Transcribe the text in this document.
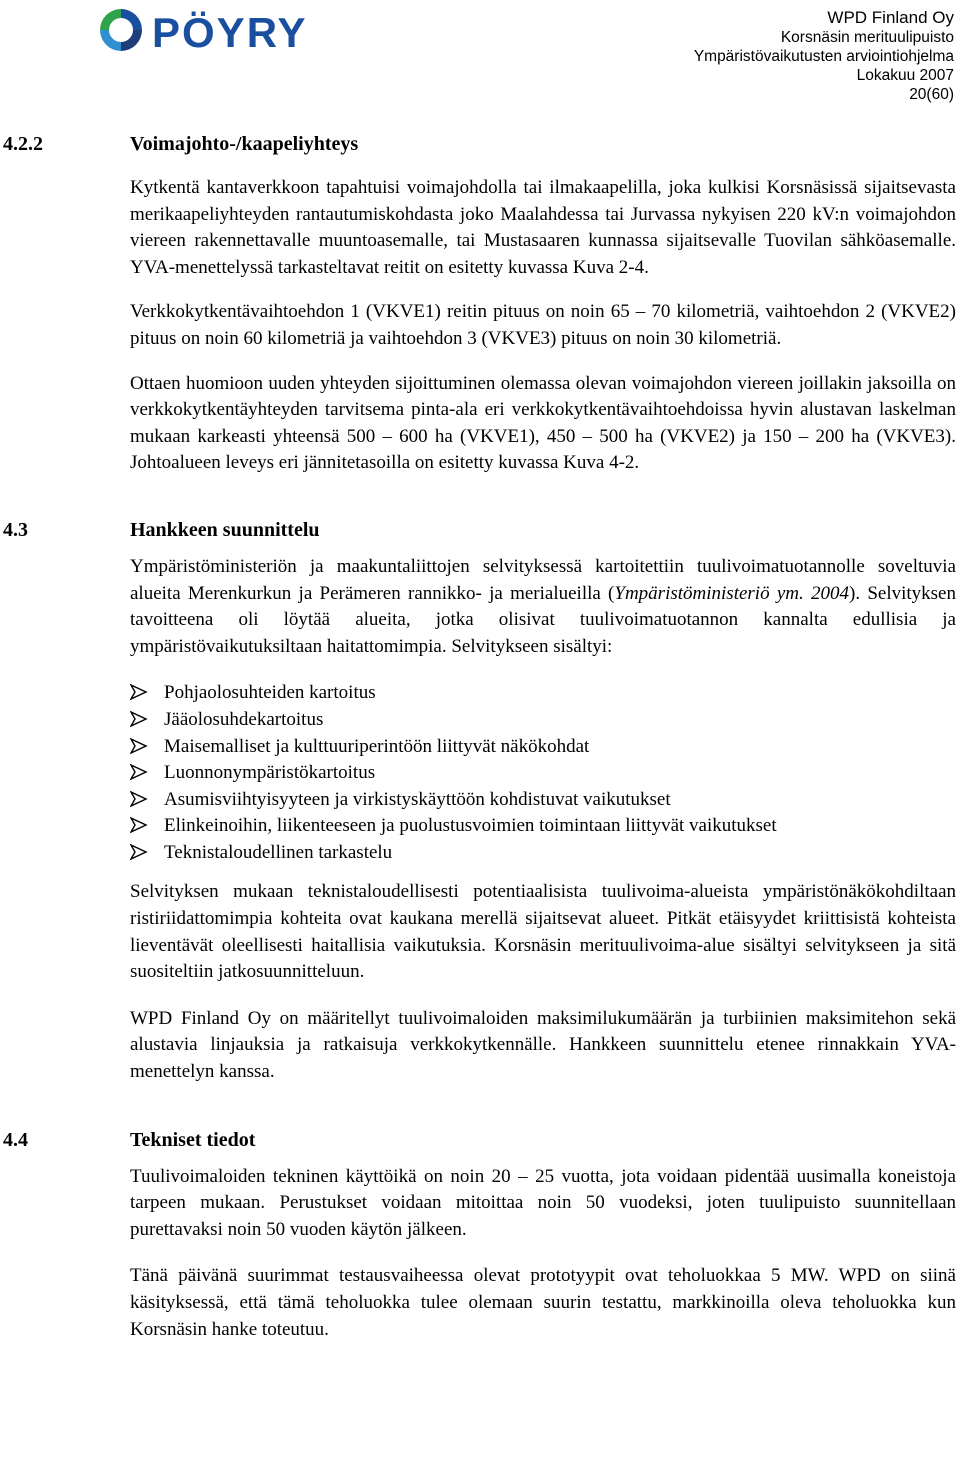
PÖYRY	WPD Finland Oy
Korsnäsin merituulipuisto
Ympäristövaikutusten arviointiohjelma
Lokakuu 2007
20(60)
4.2.2	Voimajohto-/kaapeliyhteys

Kytkentä kantaverkkoon tapahtuisi voimajohdolla tai ilmakaapelilla, joka kulkisi Korsnäsissä sijaitsevasta merikaapeliyhteyden rantautumiskohdasta joko Maalahdessa tai Jurvassa nykyisen 220 kV:n voimajohdon viereen rakennettavalle muuntoasemalle, tai Mustasaaren kunnassa sijaitsevalle Tuovilan sähköasemalle. YVA-menettelyssä tarkasteltavat reitit on esitetty kuvassa Kuva 2-4.

Verkkokytkentävaihtoehdon 1 (VKVE1) reitin pituus on noin 65 – 70 kilometriä, vaihtoehdon 2 (VKVE2) pituus on noin 60 kilometriä ja vaihtoehdon 3 (VKVE3) pituus on noin 30 kilometriä.

Ottaen huomioon uuden yhteyden sijoittuminen olemassa olevan voimajohdon viereen joillakin jaksoilla on verkkokytkentäyhteyden tarvitsema pinta-ala eri verkkokytkentävaihtoehdoissa hyvin alustavan laskelman mukaan karkeasti yhteensä 500 – 600 ha (VKVE1), 450 – 500 ha (VKVE2) ja 150 – 200 ha (VKVE3). Johtoalueen leveys eri jännitetasoilla on esitetty kuvassa Kuva 4-2.

4.3	Hankkeen suunnittelu

Ympäristöministeriön ja maakuntaliittojen selvityksessä kartoitettiin tuulivoimatuotannolle soveltuvia alueita Merenkurkun ja Perämeren rannikko- ja merialueilla (Ympäristöministeriö ym. 2004). Selvityksen tavoitteena oli löytää alueita, jotka olisivat tuulivoimatuotannon kannalta edullisia ja ympäristövaikutuksiltaan haitattomimpia. Selvitykseen sisältyi:

Pohjaolosuhteiden kartoitus
Jääolosuhdekartoitus
Maisemalliset ja kulttuuriperintöön liittyvät näkökohdat
Luonnonympäristökartoitus
Asumisviihtyisyyteen ja virkistyskäyttöön kohdistuvat vaikutukset
Elinkeinoihin, liikenteeseen ja puolustusvoimien toimintaan liittyvät vaikutukset
Teknistaloudellinen tarkastelu

Selvityksen mukaan teknistaloudellisesti potentiaalisista tuulivoima-alueista ympäristönäkökohdiltaan ristiriidattomimpia kohteita ovat kaukana merellä sijaitsevat alueet. Pitkät etäisyydet kriittisistä kohteista lieventävät oleellisesti haitallisia vaikutuksia. Korsnäsin merituulivoima-alue sisältyi selvitykseen ja sitä suositeltiin jatkosuunnitteluun.

WPD Finland Oy on määritellyt tuulivoimaloiden maksimilukumäärän ja turbiinien maksimitehon sekä alustavia linjauksia ja ratkaisuja verkkokytkennälle. Hankkeen suunnittelu etenee rinnakkain YVA-menettelyn kanssa.

4.4	Tekniset tiedot

Tuulivoimaloiden tekninen käyttöikä on noin 20 – 25 vuotta, jota voidaan pidentää uusimalla koneistoja tarpeen mukaan. Perustukset voidaan mitoittaa noin 50 vuodeksi, joten tuulipuisto suunnitellaan purettavaksi noin 50 vuoden käytön jälkeen.

Tänä päivänä suurimmat testausvaiheessa olevat prototyypit ovat teholuokkaa 5 MW. WPD on siinä käsityksessä, että tämä teholuokka tulee olemaan suurin testattu, markkinoilla oleva teholuokka kun Korsnäsin hanke toteutuu.
